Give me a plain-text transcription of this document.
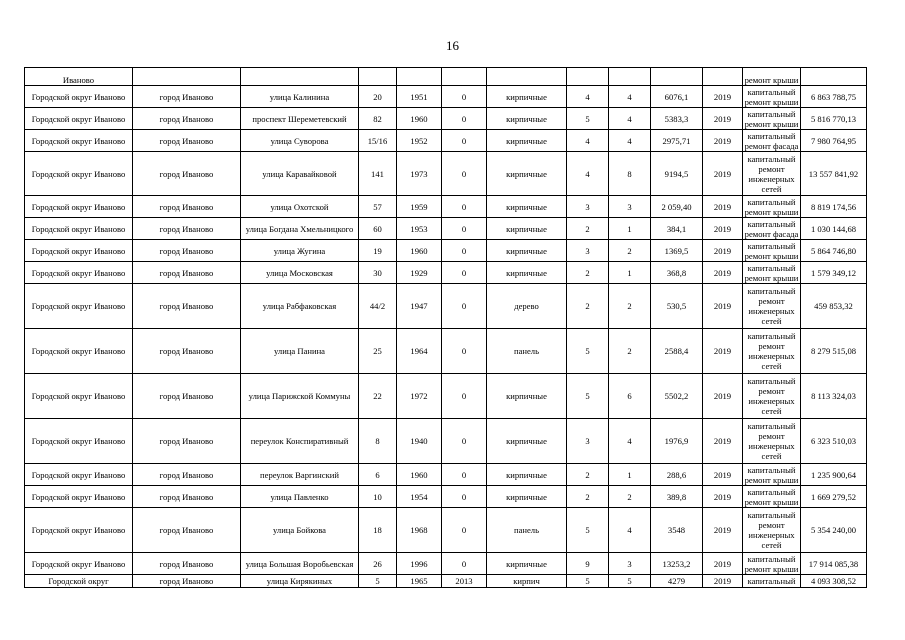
16
Иваново											ремонт крыши	
Городской округ Иваново	город Иваново	улица Калинина	20	1951	0	кирпичные	4	4	6076,1	2019	капитальный ремонт крыши	6 863 788,75
Городской округ Иваново	город Иваново	проспект Шереметевский	82	1960	0	кирпичные	5	4	5383,3	2019	капитальный ремонт крыши	5 816 770,13
Городской округ Иваново	город Иваново	улица Суворова	15/16	1952	0	кирпичные	4	4	2975,71	2019	капитальный ремонт фасада	7 980 764,95
Городской округ Иваново	город Иваново	улица Каравайковой	141	1973	0	кирпичные	4	8	9194,5	2019	капитальный ремонт инженерных сетей	13 557 841,92
Городской округ Иваново	город Иваново	улица Охотской	57	1959	0	кирпичные	3	3	2 059,40	2019	капитальный ремонт крыши	8 819 174,56
Городской округ Иваново	город Иваново	улица Богдана Хмельницкого	60	1953	0	кирпичные	2	1	384,1	2019	капитальный ремонт фасада	1 030 144,68
Городской округ Иваново	город Иваново	улица Жугина	19	1960	0	кирпичные	3	2	1369,5	2019	капитальный ремонт крыши	5 864 746,80
Городской округ Иваново	город Иваново	улица Московская	30	1929	0	кирпичные	2	1	368,8	2019	капитальный ремонт крыши	1 579 349,12
Городской округ Иваново	город Иваново	улица Рабфаковская	44/2	1947	0	дерево	2	2	530,5	2019	капитальный ремонт инженерных сетей	459 853,32
Городской округ Иваново	город Иваново	улица Панина	25	1964	0	панель	5	2	2588,4	2019	капитальный ремонт инженерных сетей	8 279 515,08
Городской округ Иваново	город Иваново	улица Парижской Коммуны	22	1972	0	кирпичные	5	6	5502,2	2019	капитальный ремонт инженерных сетей	8 113 324,03
Городской округ Иваново	город Иваново	переулок Конспиративный	8	1940	0	кирпичные	3	4	1976,9	2019	капитальный ремонт инженерных сетей	6 323 510,03
Городской округ Иваново	город Иваново	переулок Варгинский	6	1960	0	кирпичные	2	1	288,6	2019	капитальный ремонт крыши	1 235 900,64
Городской округ Иваново	город Иваново	улица Павленко	10	1954	0	кирпичные	2	2	389,8	2019	капитальный ремонт крыши	1 669 279,52
Городской округ Иваново	город Иваново	улица Бойкова	18	1968	0	панель	5	4	3548	2019	капитальный ремонт инженерных сетей	5 354 240,00
Городской округ Иваново	город Иваново	улица Большая Воробьевская	26	1996	0	кирпичные	9	3	13253,2	2019	капитальный ремонт крыши	17 914 085,38
Городской округ	город Иваново	улица Кирякиных	5	1965	2013	кирпич	5	5	4279	2019	капитальный	4 093 308,52
